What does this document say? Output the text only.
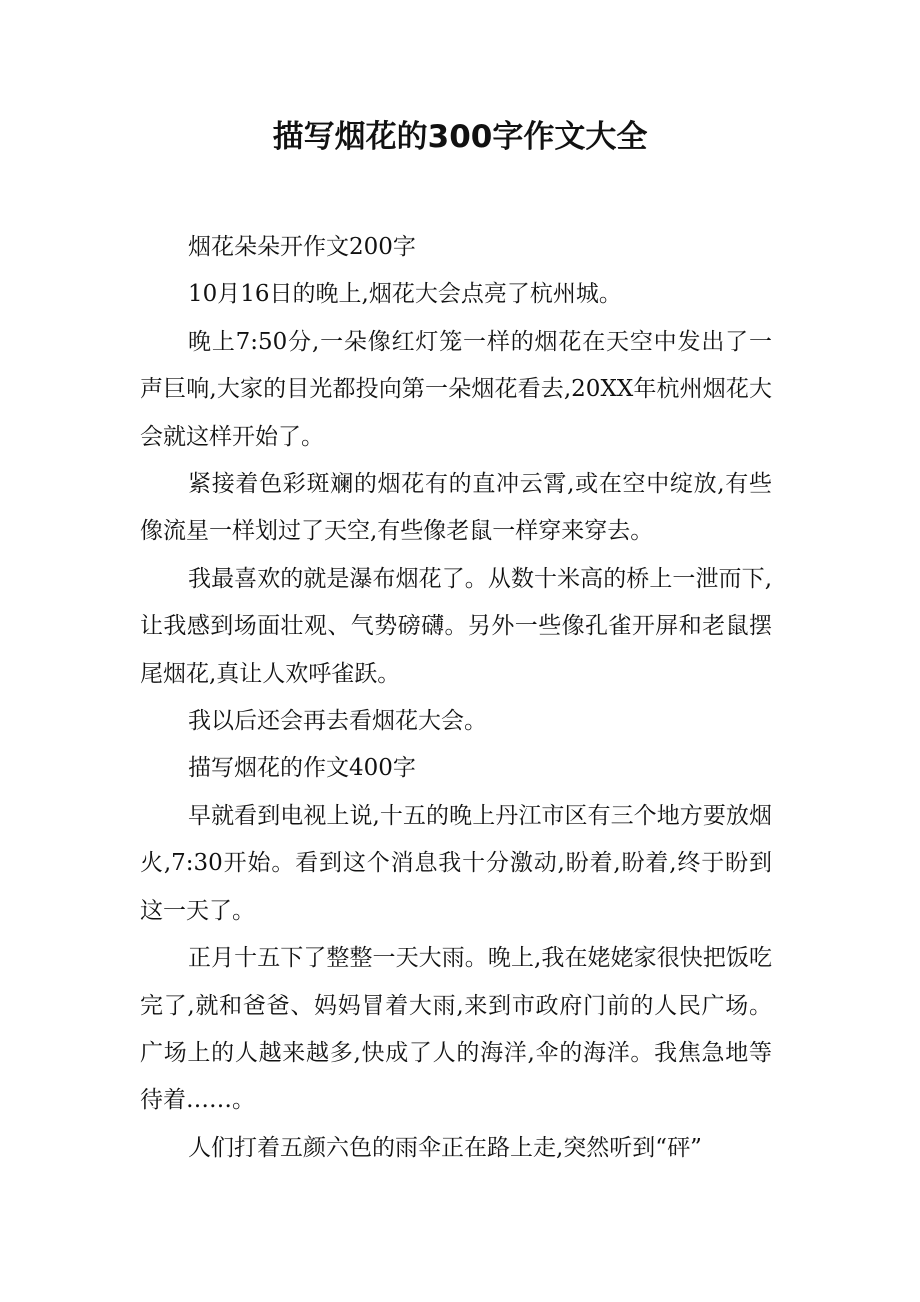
描写烟花的300字作文大全

烟花朵朵开作文200字

10月16日的晚上,烟花大会点亮了杭州城。

晚上7:50分,一朵像红灯笼一样的烟花在天空中发出了一声巨响,大家的目光都投向第一朵烟花看去,20XX年杭州烟花大会就这样开始了。

紧接着色彩斑斓的烟花有的直冲云霄,或在空中绽放,有些像流星一样划过了天空,有些像老鼠一样穿来穿去。

我最喜欢的就是瀑布烟花了。从数十米高的桥上一泄而下,让我感到场面壮观、气势磅礴。另外一些像孔雀开屏和老鼠摆尾烟花,真让人欢呼雀跃。

我以后还会再去看烟花大会。

描写烟花的作文400字

早就看到电视上说,十五的晚上丹江市区有三个地方要放烟火,7:30开始。看到这个消息我十分激动,盼着,盼着,终于盼到这一天了。

正月十五下了整整一天大雨。晚上,我在姥姥家很快把饭吃完了,就和爸爸、妈妈冒着大雨,来到市政府门前的人民广场。广场上的人越来越多,快成了人的海洋,伞的海洋。我焦急地等待着……。

人们打着五颜六色的雨伞正在路上走,突然听到“砰”
